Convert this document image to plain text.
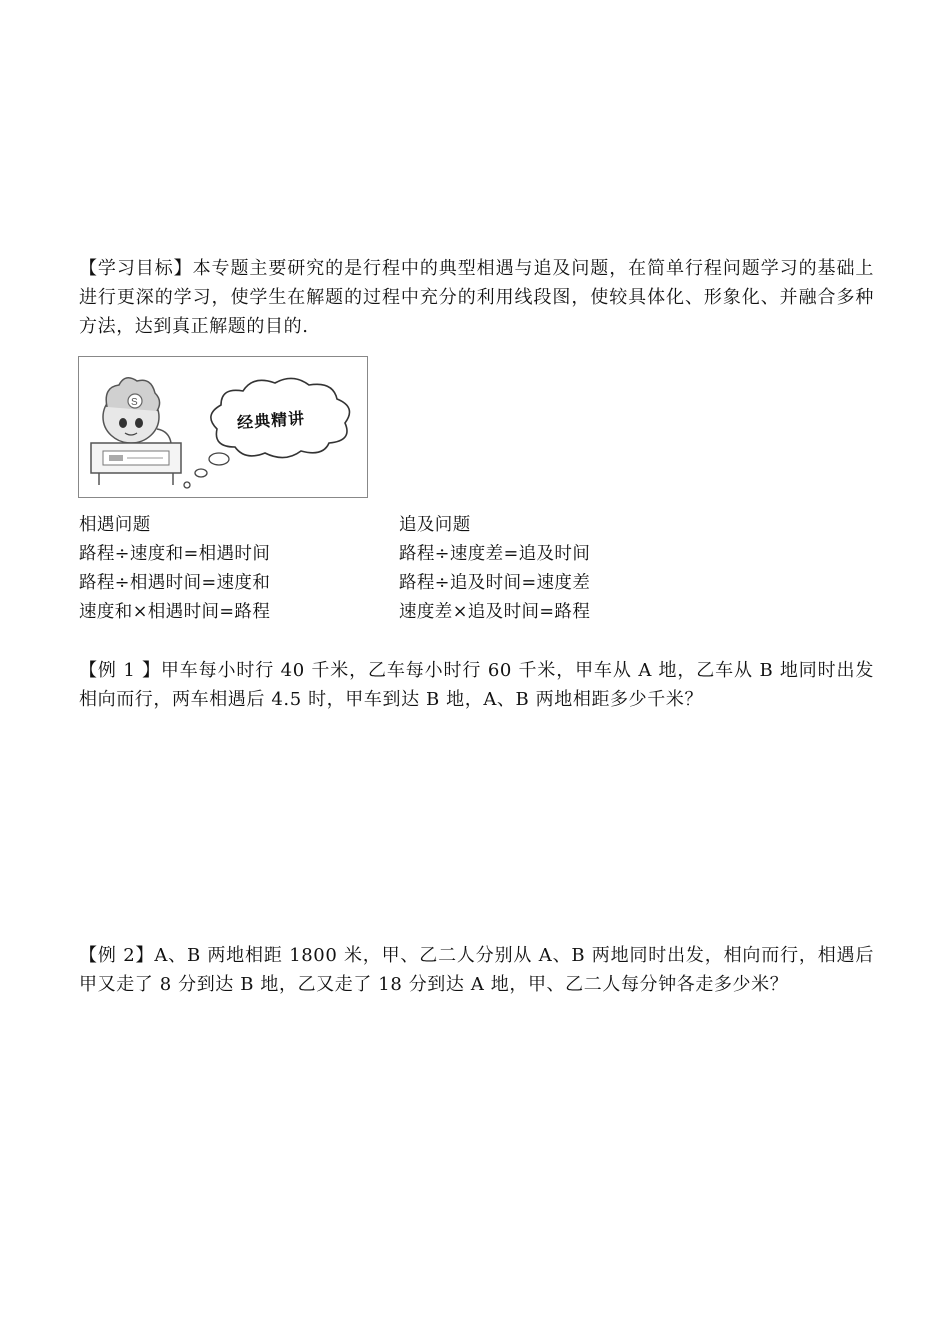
【学习目标】本专题主要研究的是行程中的典型相遇与追及问题，在简单行程问题学习的基础上进行更深的学习，使学生在解题的过程中充分的利用线段图，使较具体化、形象化、并融合多种方法，达到真正解题的目的.
S
经典精讲
相遇问题
路程÷速度和=相遇时间
路程÷相遇时间=速度和
速度和×相遇时间=路程
追及问题
路程÷速度差=追及时间
路程÷追及时间=速度差
速度差×追及时间=路程
【例 1 】甲车每小时行 40 千米，乙车每小时行 60 千米，甲车从 A 地，乙车从 B 地同时出发相向而行，两车相遇后 4.5 时，甲车到达 B 地，A、B 两地相距多少千米？
【例 2】A、B 两地相距 1800 米，甲、乙二人分别从 A、B 两地同时出发，相向而行，相遇后甲又走了 8 分到达 B 地，乙又走了 18 分到达 A 地，甲、乙二人每分钟各走多少米？
